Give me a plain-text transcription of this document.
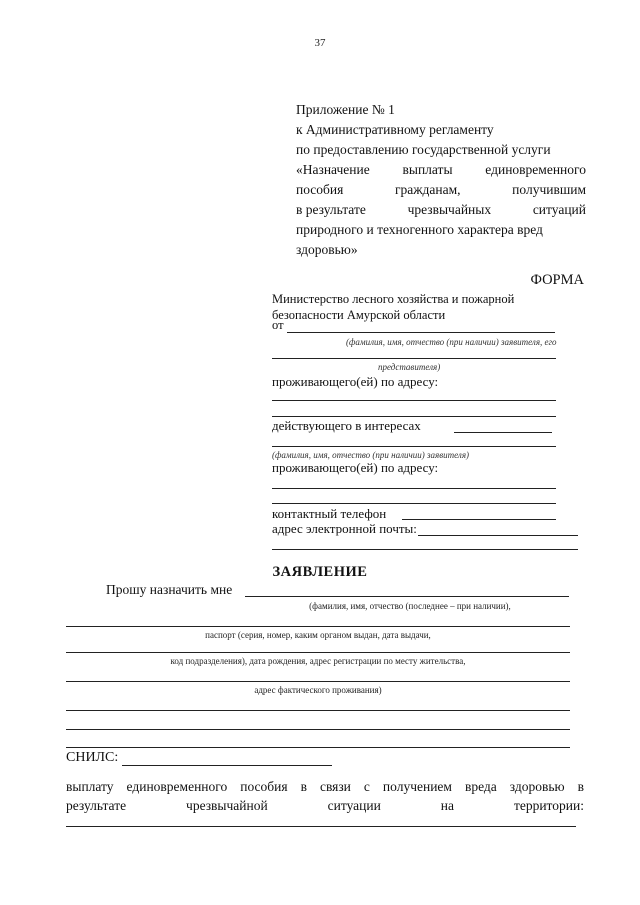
37
Приложение № 1
к Административному регламенту
по предоставлению государственной услуги
«Назначение выплаты единовременного
пособия	гражданам,	получившим
в результате	чрезвычайных	ситуаций
природного и техногенного характера вред
здоровью»
ФОРМА
Министерство лесного хозяйства и пожарной
безопасности Амурской области
от
(фамилия, имя, отчество (при наличии) заявителя, его
представителя)
проживающего(ей) по адресу:
действующего в интересах
(фамилия, имя, отчество (при наличии) заявителя)
проживающего(ей) по адресу:
контактный телефон
адрес электронной почты:
ЗАЯВЛЕНИЕ
Прошу назначить мне
(фамилия, имя, отчество (последнее – при наличии),
паспорт (серия, номер, каким органом выдан, дата выдачи,
код подразделения), дата рождения, адрес регистрации по месту жительства,
адрес фактического проживания)
СНИЛС:
выплату единовременного пособия в связи с получением вреда здоровью в
результате	чрезвычайной	ситуации	на	территории:
